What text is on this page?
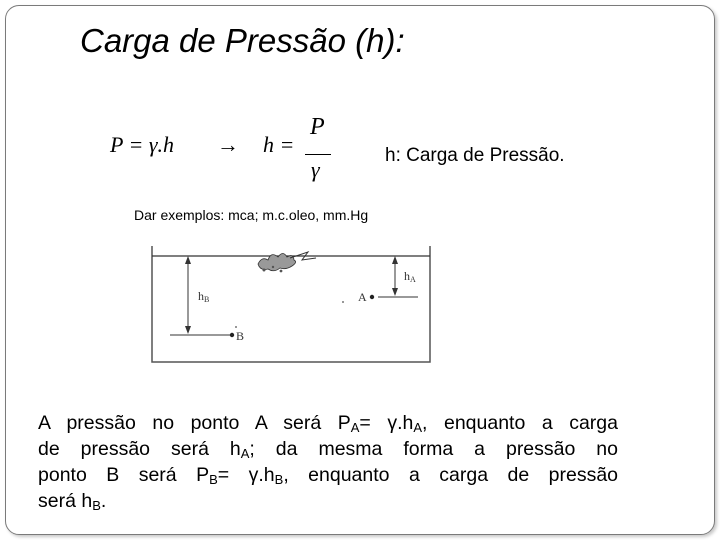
Carga de Pressão (h):
P = γ.h → h =
P
γ
h: Carga de Pressão.
Dar exemplos: mca; m.c.oleo, mm.Hg
hB
hA
A
B
A pressão no ponto A será $P_A= \gamma.h_A$, enquanto a carga
de pressão será $h_A$; da mesma forma a pressão no
ponto B será $P_B= \gamma.h_B$, enquanto a carga de pressão
será $h_B$.
